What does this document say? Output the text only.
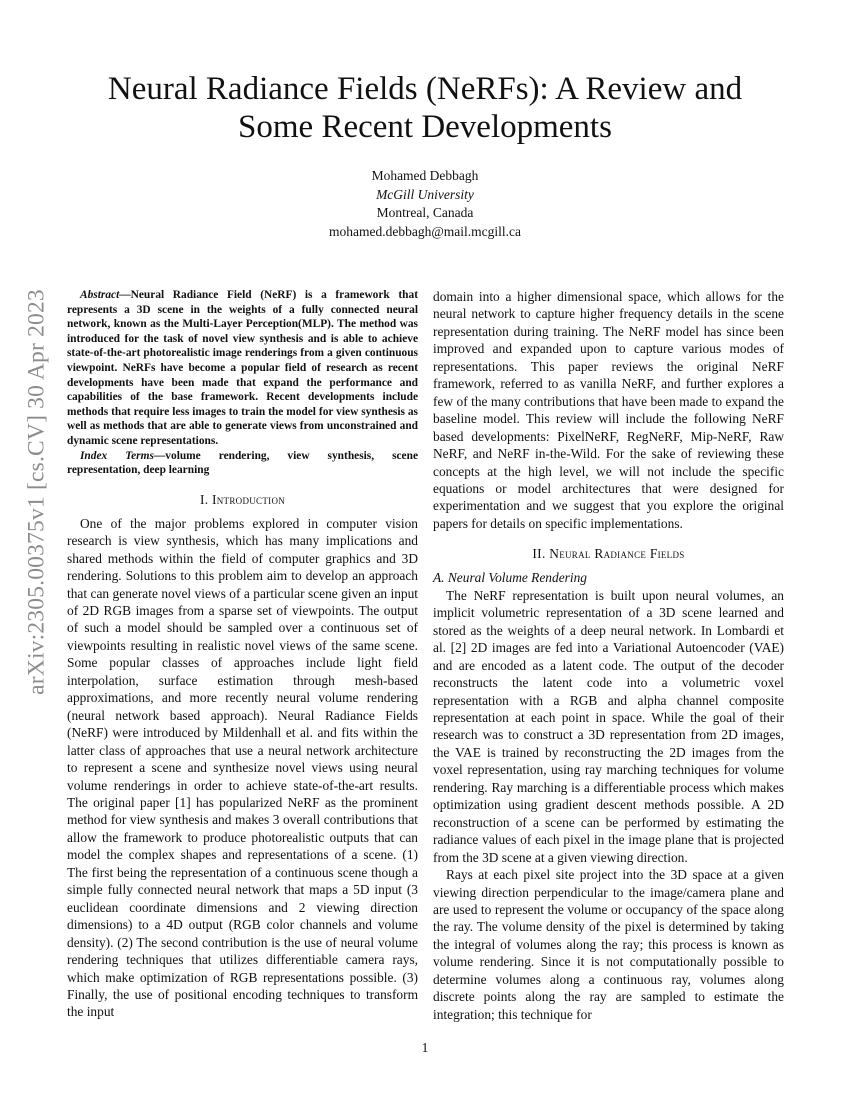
arXiv:2305.00375v1 [cs.CV] 30 Apr 2023
Neural Radiance Fields (NeRFs): A Review and
Some Recent Developments
Mohamed Debbagh
McGill University
Montreal, Canada
mohamed.debbagh@mail.mcgill.ca

Abstract—Neural Radiance Field (NeRF) is a framework that represents a 3D scene in the weights of a fully connected neural network, known as the Multi-Layer Perception(MLP). The method was introduced for the task of novel view synthesis and is able to achieve state-of-the-art photorealistic image renderings from a given continuous viewpoint. NeRFs have become a popular field of research as recent developments have been made that expand the performance and capabilities of the base framework. Recent developments include methods that require less images to train the model for view synthesis as well as methods that are able to generate views from unconstrained and dynamic scene representations.

Index Terms—volume rendering, view synthesis, scene representation, deep learning

I. Introduction

One of the major problems explored in computer vision research is view synthesis, which has many implications and shared methods within the field of computer graphics and 3D rendering. Solutions to this problem aim to develop an approach that can generate novel views of a particular scene given an input of 2D RGB images from a sparse set of viewpoints. The output of such a model should be sampled over a continuous set of viewpoints resulting in realistic novel views of the same scene. Some popular classes of approaches include light field interpolation, surface estimation through mesh-based approximations, and more recently neural volume rendering (neural network based approach). Neural Radiance Fields (NeRF) were introduced by Mildenhall et al. and fits within the latter class of approaches that use a neural network architecture to represent a scene and synthesize novel views using neural volume renderings in order to achieve state-of-the-art results. The original paper [1] has popularized NeRF as the prominent method for view synthesis and makes 3 overall contributions that allow the framework to produce photorealistic outputs that can model the complex shapes and representations of a scene. (1) The first being the representation of a continuous scene though a simple fully connected neural network that maps a 5D input (3 euclidean coordinate dimensions and 2 viewing direction dimensions) to a 4D output (RGB color channels and volume density). (2) The second contribution is the use of neural volume rendering techniques that utilizes differentiable camera rays, which make optimization of RGB representations possible. (3) Finally, the use of positional encoding techniques to transform the input

domain into a higher dimensional space, which allows for the neural network to capture higher frequency details in the scene representation during training. The NeRF model has since been improved and expanded upon to capture various modes of representations. This paper reviews the original NeRF framework, referred to as vanilla NeRF, and further explores a few of the many contributions that have been made to expand the baseline model. This review will include the following NeRF based developments: PixelNeRF, RegNeRF, Mip-NeRF, Raw NeRF, and NeRF in-the-Wild. For the sake of reviewing these concepts at the high level, we will not include the specific equations or model architectures that were designed for experimentation and we suggest that you explore the original papers for details on specific implementations.

II. Neural Radiance Fields
A. Neural Volume Rendering

The NeRF representation is built upon neural volumes, an implicit volumetric representation of a 3D scene learned and stored as the weights of a deep neural network. In Lombardi et al. [2] 2D images are fed into a Variational Autoencoder (VAE) and are encoded as a latent code. The output of the decoder reconstructs the latent code into a volumetric voxel representation with a RGB and alpha channel composite representation at each point in space. While the goal of their research was to construct a 3D representation from 2D images, the VAE is trained by reconstructing the 2D images from the voxel representation, using ray marching techniques for volume rendering. Ray marching is a differentiable process which makes optimization using gradient descent methods possible. A 2D reconstruction of a scene can be performed by estimating the radiance values of each pixel in the image plane that is projected from the 3D scene at a given viewing direction.

Rays at each pixel site project into the 3D space at a given viewing direction perpendicular to the image/camera plane and are used to represent the volume or occupancy of the space along the ray. The volume density of the pixel is determined by taking the integral of volumes along the ray; this process is known as volume rendering. Since it is not computationally possible to determine volumes along a continuous ray, volumes along discrete points along the ray are sampled to estimate the integration; this technique for

1
